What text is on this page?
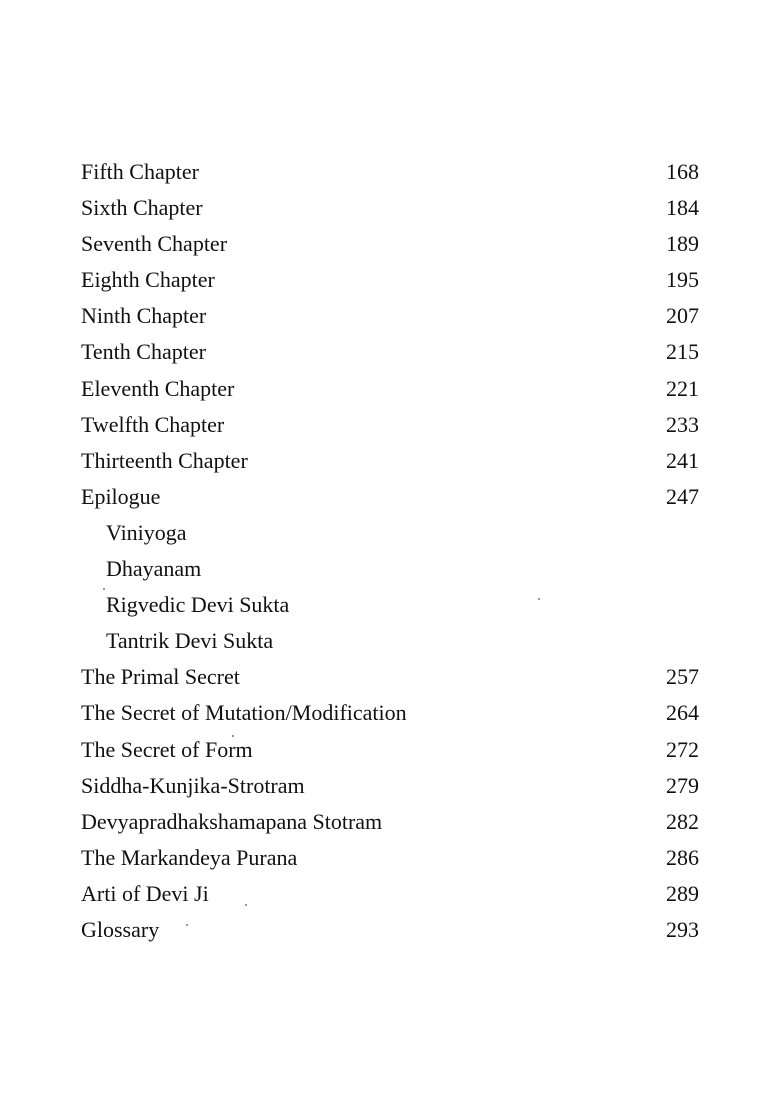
Fifth Chapter	168
Sixth Chapter	184
Seventh Chapter	189
Eighth Chapter	195
Ninth Chapter	207
Tenth Chapter	215
Eleventh Chapter	221
Twelfth Chapter	233
Thirteenth Chapter	241
Epilogue	247
Viniyoga
Dhayanam
Rigvedic Devi Sukta
Tantrik Devi Sukta
The Primal Secret	257
The Secret of Mutation/Modification	264
The Secret of Form	272
Siddha-Kunjika-Strotram	279
Devyapradhakshamapana Stotram	282
The Markandeya Purana	286
Arti of Devi Ji	289
Glossary	293
